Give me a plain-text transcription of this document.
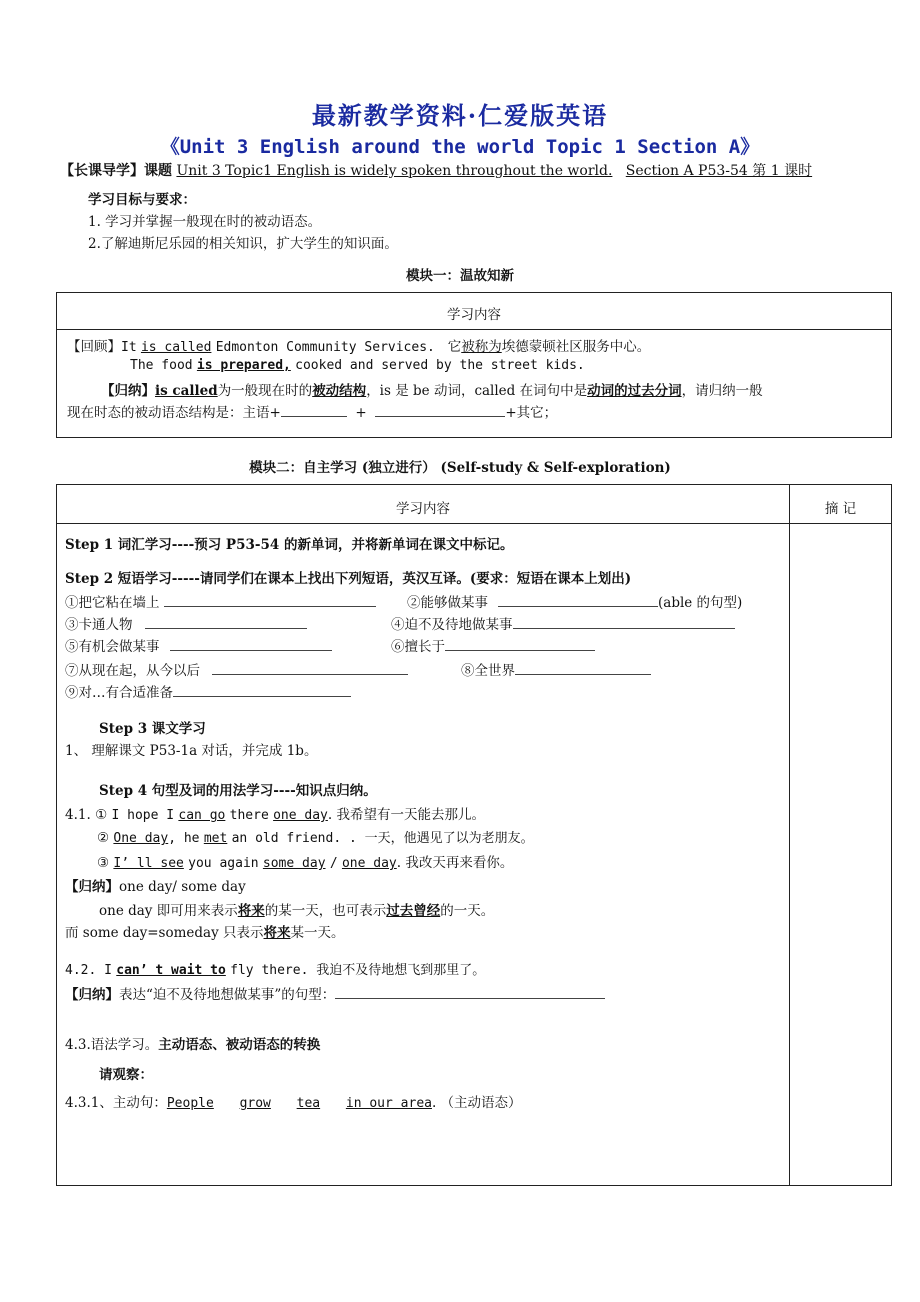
最新教学资料·仁爱版英语
《Unit 3 English around the world Topic 1 Section A》
【长课导学】课题 Unit 3 Topic1 English is widely spoken throughout the world. Section A P53-54 第 1 课时
学习目标与要求：
1. 学习并掌握一般现在时的被动语态。
2.了解迪斯尼乐园的相关知识，扩大学生的知识面。
模块一：温故知新
学习内容
【回顾】It is called Edmonton Community Services. 它被称为埃德蒙顿社区服务中心。
The food is prepared, cooked and served by the street kids.
【归纳】is called为一般现在时的被动结构，is 是 be 动词，called 在词句中是动词的过去分词，请归纳一般
现在时态的被动语态结构是：主语+	+	+其它；
模块二：自主学习 (独立进行） (Self-study & Self-exploration)
学习内容	摘 记
Step 1 词汇学习----预习 P53-54 的新单词，并将新单词在课文中标记。
Step 2 短语学习-----请同学们在课本上找出下列短语，英汉互译。(要求：短语在课本上划出)
①把它粘在墙上	②能够做某事	(able 的句型)
③卡通人物	④迫不及待地做某事
⑤有机会做某事	⑥擅长于
⑦从现在起，从今以后	⑧全世界
⑨对…有合适准备
Step 3 课文学习
1、 理解课文 P53-1a 对话，并完成 1b。
Step 4 句型及词的用法学习----知识点归纳。
4.1. ① I hope I can go there one day. 我希望有一天能去那儿。
② One day, he met an old friend. . 一天，他遇见了以为老朋友。
③ I’ ll see you again some day / one day. 我改天再来看你。
【归纳】one day/ some day
one day 即可用来表示将来的某一天，也可表示过去曾经的一天。
而 some day=someday 只表示将来某一天。
4.2. I can’ t wait to fly there. 我迫不及待地想飞到那里了。
【归纳】表达“迫不及待地想做某事”的句型：
4.3.语法学习。主动语态、被动语态的转换
请观察：
4.3.1、主动句：People grow tea in our area. （主动语态）
